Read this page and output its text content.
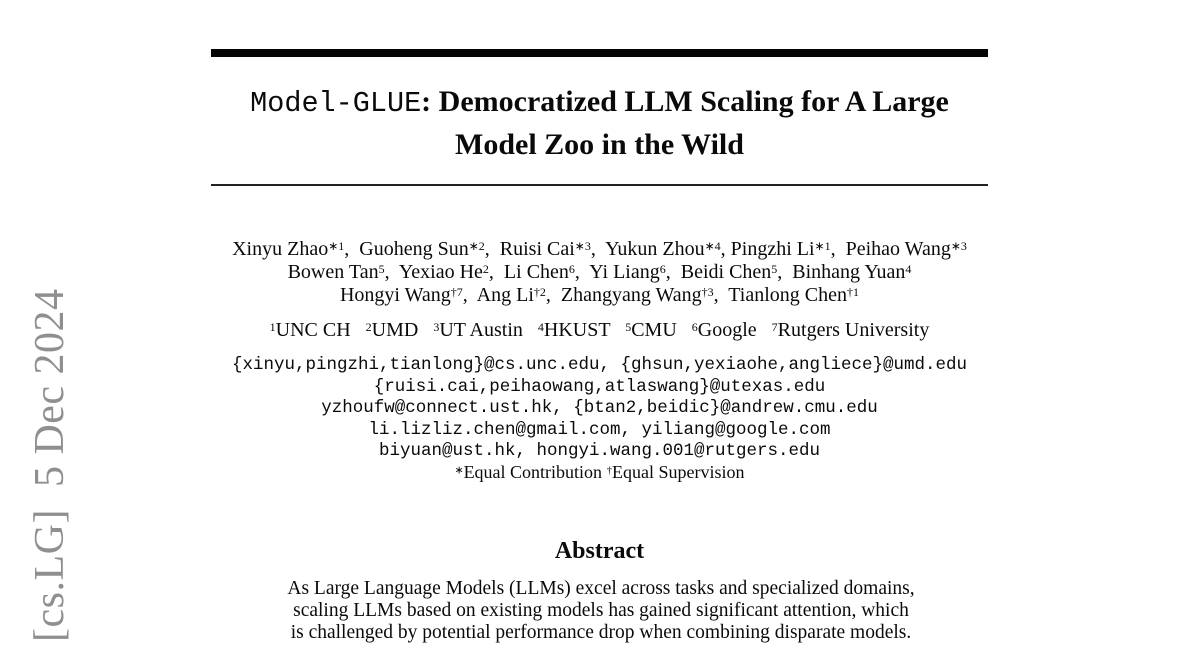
[cs.LG]  5 Dec 2024
Model-GLUE: Democratized LLM Scaling for A Large
Model Zoo in the Wild
Xinyu Zhao$^{∗1}$,  Guoheng Sun$^{∗2}$,  Ruisi Cai$^{∗3}$,  Yukun Zhou$^{∗4}$, Pingzhi $Li^{∗1}$,  Peihao Wang$^{∗3}$
Bowen Tan$^5$,  Yexiao He$^2$,  Li Chen$^6$,  Yi Liang$^6$,  Beidi Chen$^5$,  Binhang Yuan$^4$
Hongyi Wang$^{\dagger 7}$,  Ang Li$^{\dagger 2}$,  Zhangyang Wang$^{\dagger 3}$,  Tianlong Chen$^{\dagger 1}$
$^1$UNC CH   $^2$UMD   $^3$UT Austin   $^4$HKUST   $^5$CMU   $^6$Google   $^7$Rutgers University
{xinyu,pingzhi,tianlong}@cs.unc.edu, {ghsun,yexiaohe,angliece}@umd.edu
{ruisi.cai,peihaowang,atlaswang}@utexas.edu
yzhoufw@connect.ust.hk, {btan2,beidic}@andrew.cmu.edu
li.lizliz.chen@gmail.com, yiliang@google.com
biyuan@ust.hk, hongyi.wang.001@rutgers.edu
∗Equal Contribution †Equal Supervision
Abstract
As Large Language Models (LLMs) excel across tasks and specialized domains,
scaling LLMs based on existing models has gained significant attention, which
is challenged by potential performance drop when combining disparate models.
